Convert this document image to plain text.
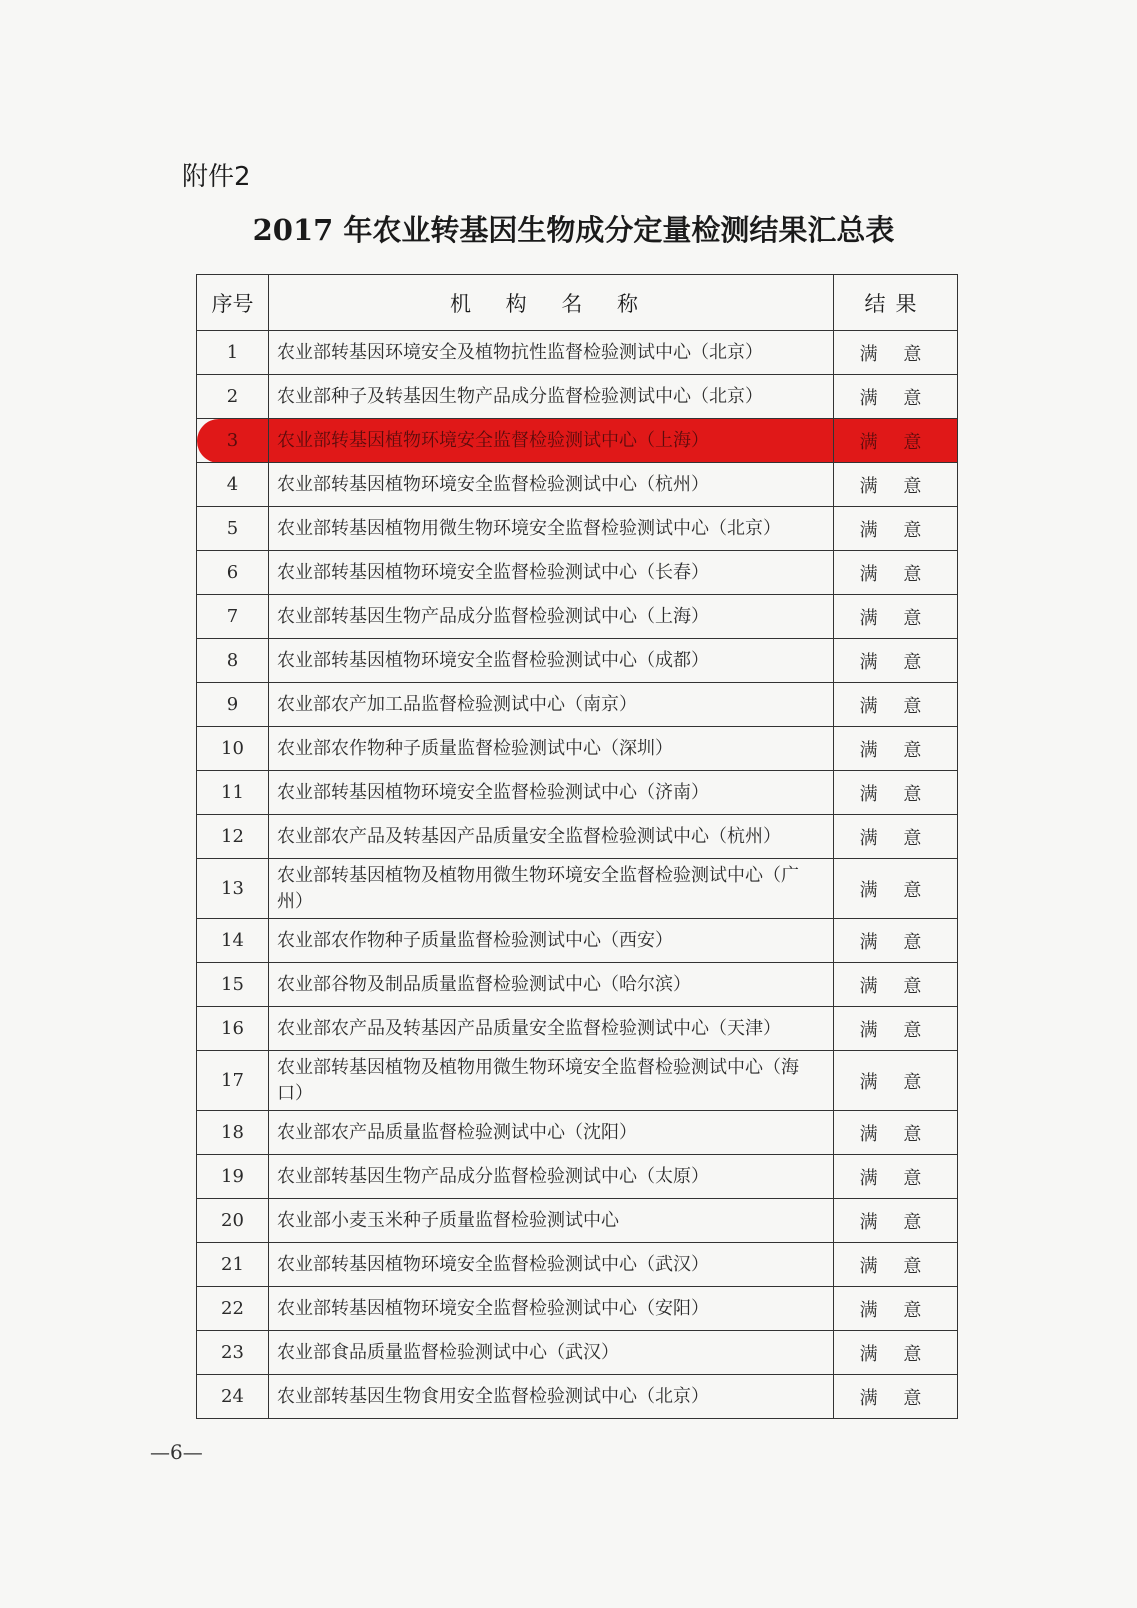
附件2
2017 年农业转基因生物成分定量检测结果汇总表
序号	机 构 名 称	结果
1	农业部转基因环境安全及植物抗性监督检验测试中心（北京）	满 意
2	农业部种子及转基因生物产品成分监督检验测试中心（北京）	满 意
3	农业部转基因植物环境安全监督检验测试中心（上海）	满 意
4	农业部转基因植物环境安全监督检验测试中心（杭州）	满 意
5	农业部转基因植物用微生物环境安全监督检验测试中心（北京）	满 意
6	农业部转基因植物环境安全监督检验测试中心（长春）	满 意
7	农业部转基因生物产品成分监督检验测试中心（上海）	满 意
8	农业部转基因植物环境安全监督检验测试中心（成都）	满 意
9	农业部农产加工品监督检验测试中心（南京）	满 意
10	农业部农作物种子质量监督检验测试中心（深圳）	满 意
11	农业部转基因植物环境安全监督检验测试中心（济南）	满 意
12	农业部农产品及转基因产品质量安全监督检验测试中心（杭州）	满 意
13	农业部转基因植物及植物用微生物环境安全监督检验测试中心（广州）	满 意
14	农业部农作物种子质量监督检验测试中心（西安）	满 意
15	农业部谷物及制品质量监督检验测试中心（哈尔滨）	满 意
16	农业部农产品及转基因产品质量安全监督检验测试中心（天津）	满 意
17	农业部转基因植物及植物用微生物环境安全监督检验测试中心（海口）	满 意
18	农业部农产品质量监督检验测试中心（沈阳）	满 意
19	农业部转基因生物产品成分监督检验测试中心（太原）	满 意
20	农业部小麦玉米种子质量监督检验测试中心	满 意
21	农业部转基因植物环境安全监督检验测试中心（武汉）	满 意
22	农业部转基因植物环境安全监督检验测试中心（安阳）	满 意
23	农业部食品质量监督检验测试中心（武汉）	满 意
24	农业部转基因生物食用安全监督检验测试中心（北京）	满 意
—6—
